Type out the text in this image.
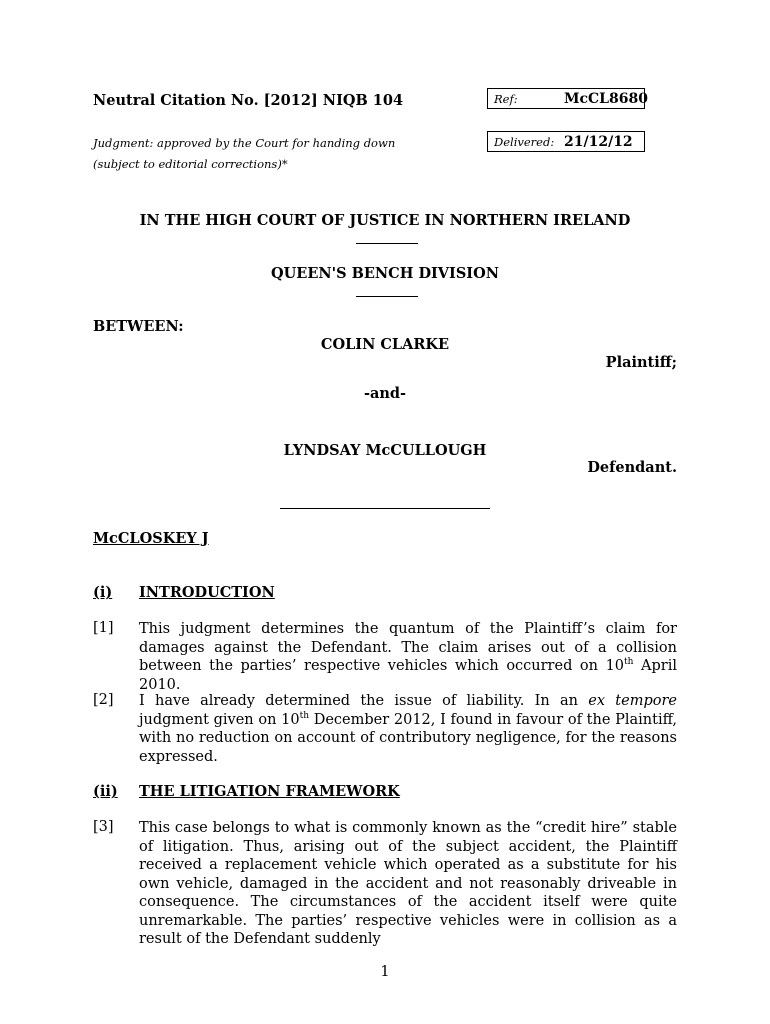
Neutral Citation No. [2012] NIQB 104	Ref:	McCL8680
Judgment: approved by the Court for handing down
(subject to editorial corrections)*
Delivered: 21/12/12
IN THE HIGH COURT OF JUSTICE IN NORTHERN IRELAND
QUEEN'S BENCH DIVISION
BETWEEN:
COLIN CLARKE
Plaintiff;
-and-
LYNDSAY McCULLOUGH
Defendant.
McCLOSKEY J
(i) INTRODUCTION
[1] This judgment determines the quantum of the Plaintiff’s claim for damages against the Defendant. The claim arises out of a collision between the parties’ respective vehicles which occurred on 10th April 2010.
[2] I have already determined the issue of liability. In an ex tempore judgment given on 10th December 2012, I found in favour of the Plaintiff, with no reduction on account of contributory negligence, for the reasons expressed.
(ii) THE LITIGATION FRAMEWORK
[3] This case belongs to what is commonly known as the “credit hire” stable of litigation. Thus, arising out of the subject accident, the Plaintiff received a replacement vehicle which operated as a substitute for his own vehicle, damaged in the accident and not reasonably driveable in consequence. The circumstances of the accident itself were quite unremarkable. The parties’ respective vehicles were in collision as a result of the Defendant suddenly
1
